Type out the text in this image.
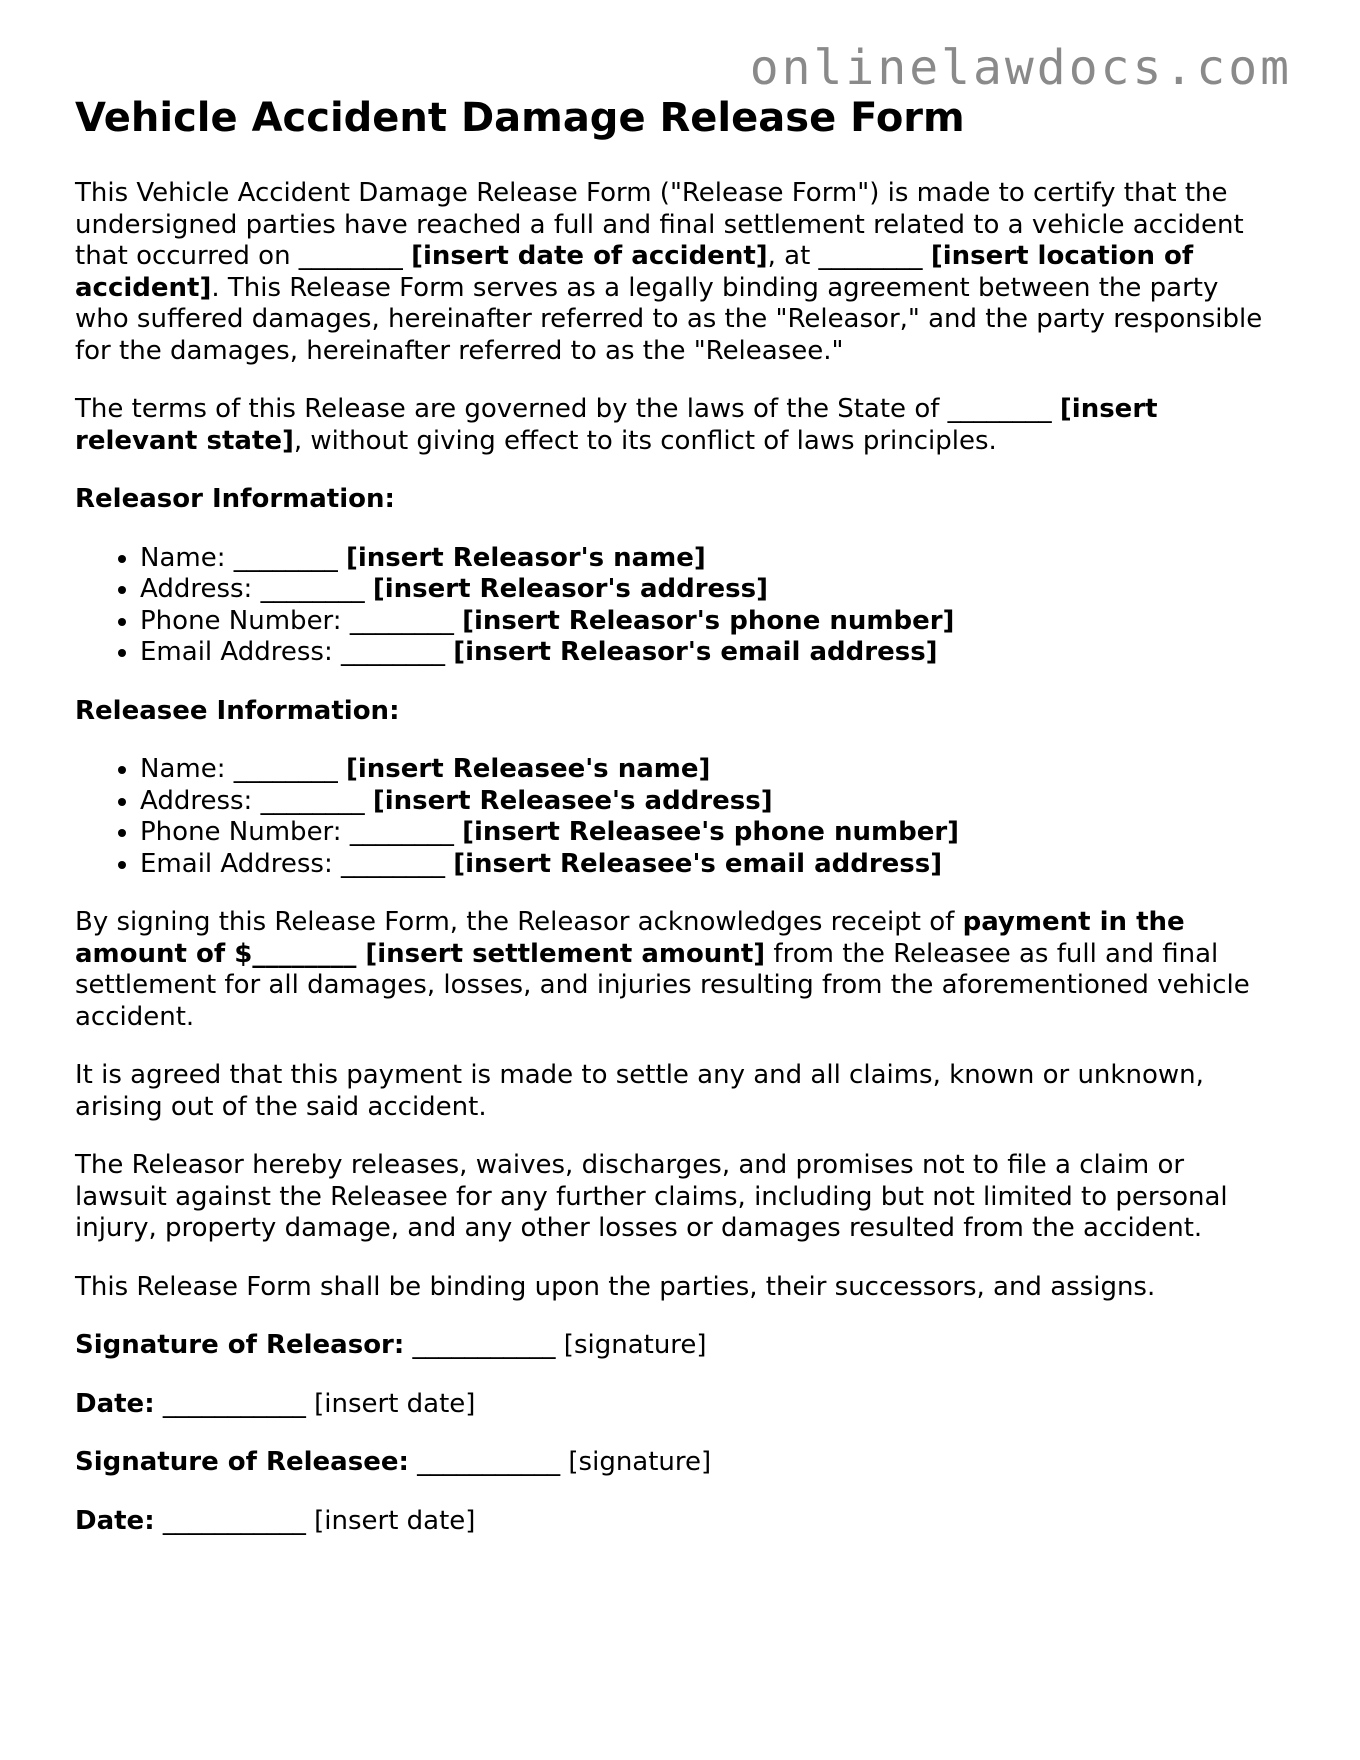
onlinelawdocs.com
Vehicle Accident Damage Release Form

This Vehicle Accident Damage Release Form ("Release Form") is made to certify that the undersigned parties have reached a full and final settlement related to a vehicle accident that occurred on ________ [insert date of accident], at ________ [insert location of accident]. This Release Form serves as a legally binding agreement between the party who suffered damages, hereinafter referred to as the "Releasor," and the party responsible for the damages, hereinafter referred to as the "Releasee."

The terms of this Release are governed by the laws of the State of ________ [insert relevant state], without giving effect to its conflict of laws principles.

Releasor Information:

• Name: ________ [insert Releasor's name]
• Address: ________ [insert Releasor's address]
• Phone Number: ________ [insert Releasor's phone number]
• Email Address: ________ [insert Releasor's email address]

Releasee Information:

• Name: ________ [insert Releasee's name]
• Address: ________ [insert Releasee's address]
• Phone Number: ________ [insert Releasee's phone number]
• Email Address: ________ [insert Releasee's email address]

By signing this Release Form, the Releasor acknowledges receipt of payment in the amount of $________ [insert settlement amount] from the Releasee as full and final settlement for all damages, losses, and injuries resulting from the aforementioned vehicle accident.

It is agreed that this payment is made to settle any and all claims, known or unknown, arising out of the said accident.

The Releasor hereby releases, waives, discharges, and promises not to file a claim or lawsuit against the Releasee for any further claims, including but not limited to personal injury, property damage, and any other losses or damages resulted from the accident.

This Release Form shall be binding upon the parties, their successors, and assigns.

Signature of Releasor: ___________ [signature]

Date: ___________ [insert date]

Signature of Releasee: ___________ [signature]

Date: ___________ [insert date]
